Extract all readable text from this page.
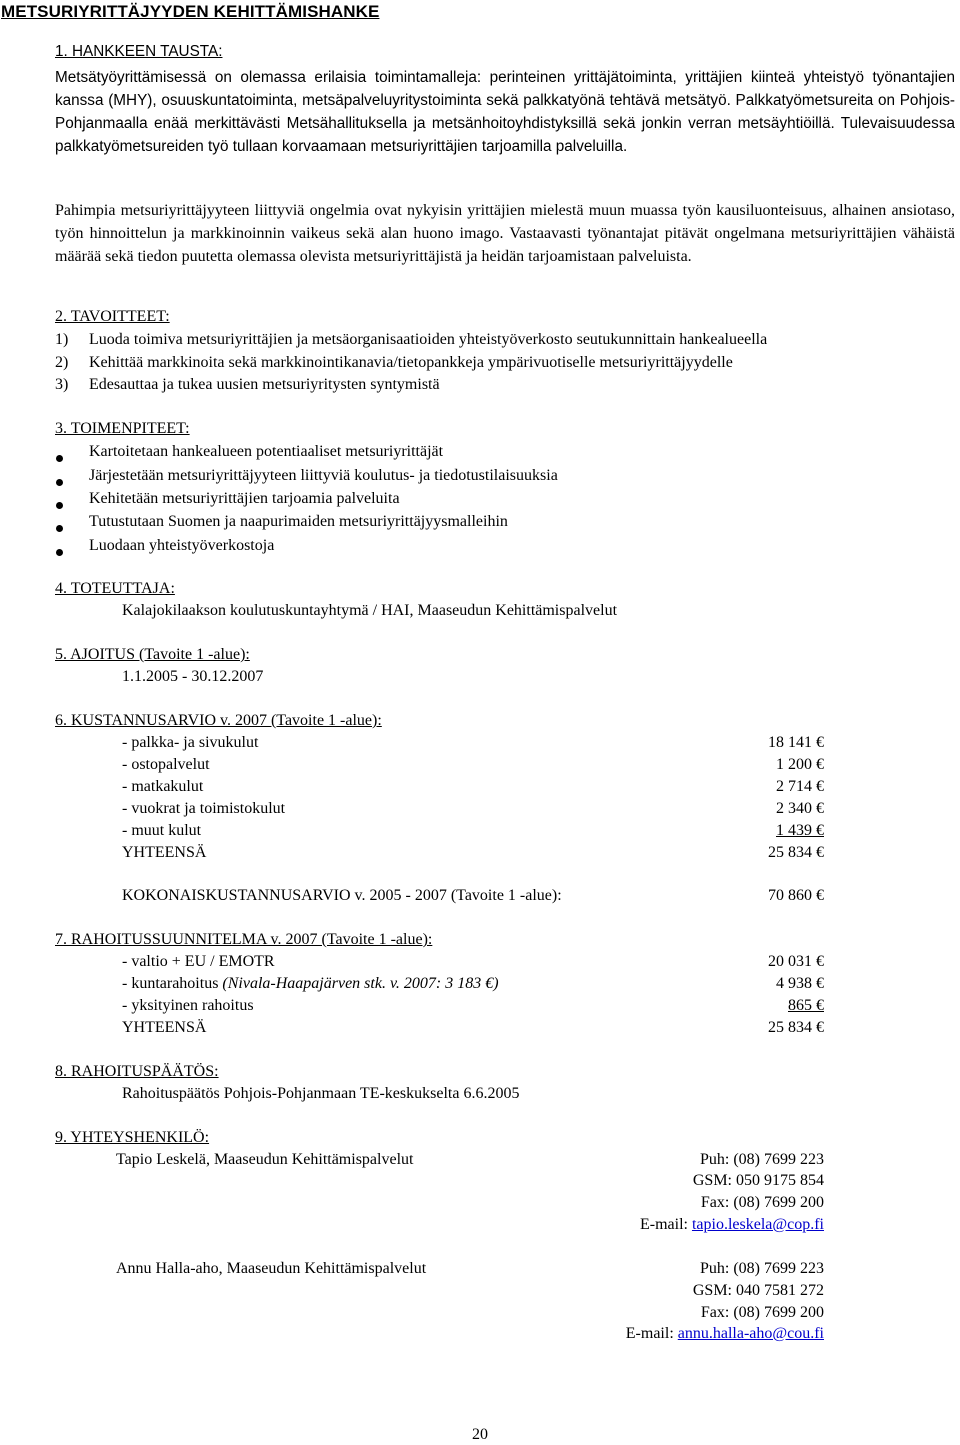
METSURIYRITTÄJYYDEN KEHITTÄMISHANKE
1. HANKKEEN TAUSTA:

Metsätyöyrittämisessä on olemassa erilaisia toimintamalleja: perinteinen yrittäjätoiminta, yrittäjien kiinteä yhteistyö työnantajien kanssa (MHY), osuuskuntatoiminta, metsäpalveluyritystoiminta sekä palkkatyönä tehtävä metsätyö. Palkkatyömetsureita on Pohjois-Pohjanmaalla enää merkittävästi Metsähallituksella ja metsänhoitoyhdistyksillä sekä jonkin verran metsäyhtiöillä. Tulevaisuudessa palkkatyömetsureiden työ tullaan korvaamaan metsuriyrittäjien tarjoamilla palveluilla.

Pahimpia metsuriyrittäjyyteen liittyviä ongelmia ovat nykyisin yrittäjien mielestä muun muassa työn kausiluonteisuus, alhainen ansiotaso, työn hinnoittelun ja markkinoinnin vaikeus sekä alan huono imago. Vastaavasti työnantajat pitävät ongelmana metsuriyrittäjien vähäistä määrää sekä tiedon puutetta olemassa olevista metsuriyrittäjistä ja heidän tarjoamistaan palveluista.

2. TAVOITTEET:
1) Luoda toimiva metsuriyrittäjien ja metsäorganisaatioiden yhteistyöverkosto seutukunnittain hankealueella
2) Kehittää markkinoita sekä markkinointikanavia/tietopankkeja ympärivuotiselle metsuriyrittäjyydelle
3) Edesauttaa ja tukea uusien metsuriyritysten syntymistä
3. TOIMENPITEET:
Kartoitetaan hankealueen potentiaaliset metsuriyrittäjät
Järjestetään metsuriyrittäjyyteen liittyviä koulutus- ja tiedotustilaisuuksia
Kehitetään metsuriyrittäjien tarjoamia palveluita
Tutustutaan Suomen ja naapurimaiden metsuriyrittäjyysmalleihin
Luodaan yhteistyöverkostoja
4. TOTEUTTAJA:
Kalajokilaakson koulutuskuntayhtymä / HAI, Maaseudun Kehittämispalvelut
5. AJOITUS (Tavoite 1 -alue):
1.1.2005 - 30.12.2007
6. KUSTANNUSARVIO v. 2007 (Tavoite 1 -alue):
- palkka- ja sivukulut	18 141 €
- ostopalvelut	1 200 €
- matkakulut	2 714 €
- vuokrat ja toimistokulut	2 340 €
- muut kulut	1 439 €
YHTEENSÄ	25 834 €
KOKONAISKUSTANNUSARVIO v. 2005 - 2007 (Tavoite 1 -alue):	70 860 €
7. RAHOITUSSUUNNITELMA v. 2007 (Tavoite 1 -alue):
- valtio + EU / EMOTR	20 031 €
- kuntarahoitus (Nivala-Haapajärven stk. v. 2007: 3 183 €)	4 938 €
- yksityinen rahoitus	865 €
YHTEENSÄ	25 834 €
8. RAHOITUSPÄÄTÖS:
Rahoituspäätös Pohjois-Pohjanmaan TE-keskukselta 6.6.2005
9. YHTEYSHENKILÖ:
Tapio Leskelä, Maaseudun Kehittämispalvelut	Puh: (08) 7699 223
GSM: 050 9175 854
Fax: (08) 7699 200
E-mail: tapio.leskela@cop.fi
Annu Halla-aho, Maaseudun Kehittämispalvelut	Puh: (08) 7699 223
GSM: 040 7581 272
Fax: (08) 7699 200
E-mail: annu.halla-aho@cou.fi
20
